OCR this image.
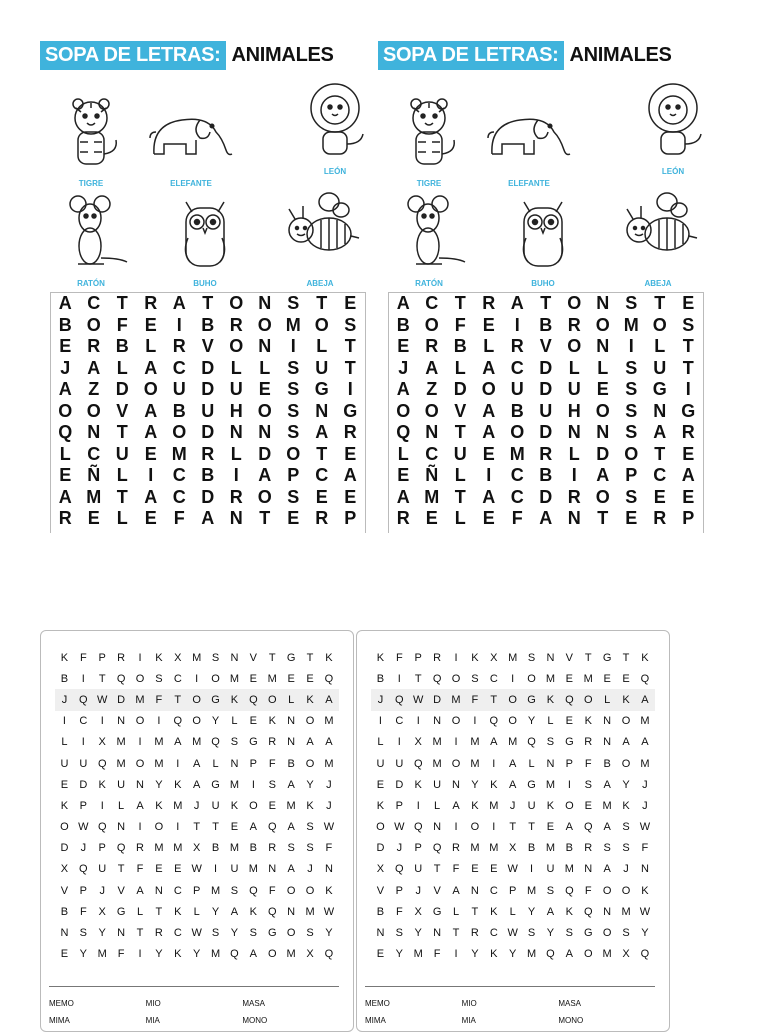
SOPA DE LETRAS: ANIMALES
TIGRE	ELEFANTE
LEÓN
RATÓN	BUHO	ABEJA
A C T R A T O N S T E
B O F E	I	B R O M O S
E R B L R V O N	I	L T
J A L A C D L L S U T
A Z D O U D U E S G	I
O O V A B U H O S N G
Q N T A O D N N S A R
L C U E M R L D O T E
E Ñ L	I	C B	I	A P C A
A M T A C D R O S E E
R E L E F A N T E R P
SOPA DE LETRAS: ANIMALES
TIGRE	ELEFANTE
LEÓN
RATÓN	BUHO	ABEJA
A C T R A T O N S T E
B O F E	I	B R O M O S
E R B L R V O N	I	L T
J A L A C D L L S U T
A Z D O U D U E S G	I
O O V A B U H O S N G
Q N T A O D N N S A R
L C U E M R L D O T E
E Ñ L	I	C B	I	A P C A
A M T A C D R O S E E
R E L E F A N T E R P
K	F	P	R	I	K	X M S	N	V	T	G	T	K
B	I	T	Q O S	C	I	O M E M E	E Q
J	Q W D M F	T	O G K Q O	L	K	A
I	C	I	N O	I	Q O Y	L	E	K	N O M
L	I	X M	I	M A M Q S G R N	A	A
U U Q M O M	I	A	L	N	P	F	B O M
E	D	K	U N	Y	K	A G M	I	S	A	Y	J
K	P	I	L	A	K M	J	U	K O E M K	J
O W Q N	I	O	I	T	T	E	A Q A	S W
D	J	P Q R M M X	B M B	R	S	S	F
X Q U	T	F	E	E W	I	U M N	A	J	N
V	P	J	V	A	N C	P M S Q	F	O O K
B	F	X G	L	T	K	L	Y	A	K Q N M W
N	S	Y	N	T	R C W S	Y	S G O S	Y
E	Y M F	I	Y	K	Y M Q A O M X Q
MEMO	MIO	MASA
MIMA	MIA	MONO
K	F	P	R	I	K	X M S	N	V	T	G	T	K
B	I	T	Q O S	C	I	O M E M E	E Q
J	Q W D M F	T	O G K Q O	L	K	A
I	C	I	N O	I	Q O Y	L	E	K	N O M
L	I	X M	I	M A M Q S G R N	A	A
U U Q M O M	I	A	L	N	P	F	B O M
E	D	K	U N	Y	K	A G M	I	S	A	Y	J
K	P	I	L	A	K M	J	U	K O E M K	J
O W Q N	I	O	I	T	T	E	A Q A	S W
D	J	P Q R M M X	B M B	R	S	S	F
X Q U	T	F	E	E W	I	U M N	A	J	N
V	P	J	V	A	N C	P M S Q	F	O O K
B	F	X G	L	T	K	L	Y	A	K Q N M W
N	S	Y	N	T	R C W S	Y	S G O S	Y
E	Y M F	I	Y	K	Y M Q A O M X Q
MEMO	MIO	MASA
MIMA	MIA	MONO
